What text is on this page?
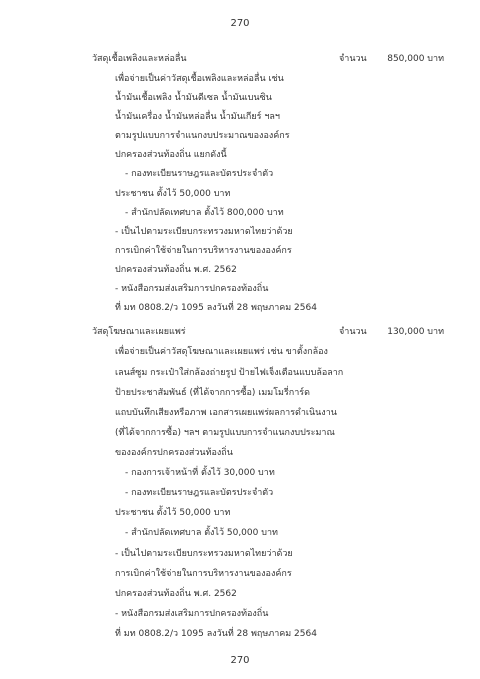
270
วัสดุเชื้อเพลิงและหล่อลื่น	จำนวน 850,000 บาท
เพื่อจ่ายเป็นค่าวัสดุเชื้อเพลิงและหล่อลื่น เช่น
น้ำมันเชื้อเพลิง น้ำมันดีเซล น้ำมันเบนซิน
น้ำมันเครื่อง น้ำมันหล่อลื่น น้ำมันเกียร์ ฯลฯ
ตามรูปแบบการจำแนกงบประมาณขององค์กร
ปกครองส่วนท้องถิ่น แยกดังนี้
- กองทะเบียนราษฎรและบัตรประจำตัว
ประชาชน ตั้งไว้ 50,000 บาท
- สำนักปลัดเทศบาล ตั้งไว้ 800,000 บาท
- เป็นไปตามระเบียบกระทรวงมหาดไทยว่าด้วย
การเบิกค่าใช้จ่ายในการบริหารงานขององค์กร
ปกครองส่วนท้องถิ่น พ.ศ. 2562
- หนังสือกรมส่งเสริมการปกครองท้องถิ่น
ที่ มท 0808.2/ว 1095 ลงวันที่ 28 พฤษภาคม 2564
วัสดุโฆษณาและเผยแพร่	จำนวน 130,000 บาท
เพื่อจ่ายเป็นค่าวัสดุโฆษณาและเผยแพร่ เช่น ขาตั้งกล้อง
เลนส์ซูม กระเป๋าใส่กล้องถ่ายรูป ป้ายไฟเจ็งเตือนแบบล้อลาก
ป้ายประชาสัมพันธ์ (ที่ได้จากการซื้อ) เมมโมรี่การ์ด
แถบบันทึกเสียงหรือภาพ เอกสารเผยแพร่ผลการดำเนินงาน
(ที่ได้จากการซื้อ) ฯลฯ ตามรูปแบบการจำแนกงบประมาณ
ขององค์กรปกครองส่วนท้องถิ่น
- กองการเจ้าหน้าที่ ตั้งไว้ 30,000 บาท
- กองทะเบียนราษฎรและบัตรประจำตัว
ประชาชน ตั้งไว้ 50,000 บาท
- สำนักปลัดเทศบาล ตั้งไว้ 50,000 บาท
- เป็นไปตามระเบียบกระทรวงมหาดไทยว่าด้วย
การเบิกค่าใช้จ่ายในการบริหารงานขององค์กร
ปกครองส่วนท้องถิ่น พ.ศ. 2562
- หนังสือกรมส่งเสริมการปกครองท้องถิ่น
ที่ มท 0808.2/ว 1095 ลงวันที่ 28 พฤษภาคม 2564
270
